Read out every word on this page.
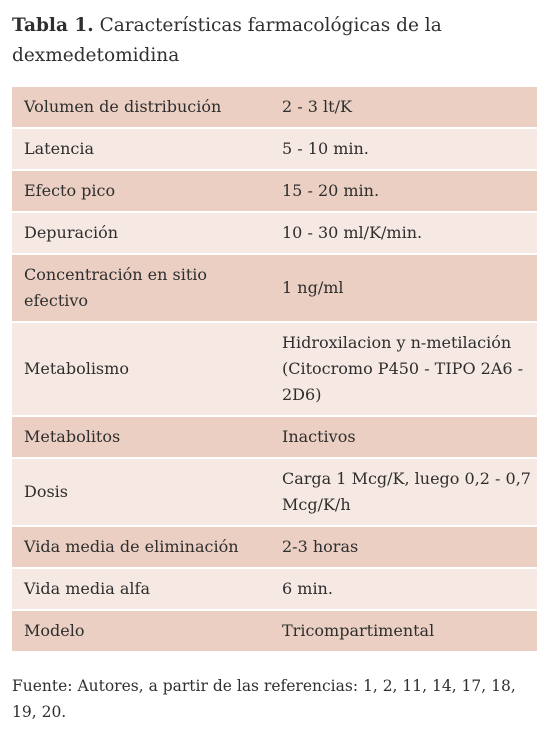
Tabla 1. Características farmacológicas de la dexmedetomidina
Volumen de distribución	2 - 3 lt/K
Latencia	5 - 10 min.
Efecto pico	15 - 20 min.
Depuración	10 - 30 ml/K/min.
Concentración en sitio efectivo	1 ng/ml
Metabolismo	Hidroxilacion y n-metilación (Citocromo P450 - TIPO 2A6 - 2D6)
Metabolitos	Inactivos
Dosis	Carga 1 Mcg/K, luego 0,2 - 0,7 Mcg/K/h
Vida media de eliminación	2-3 horas
Vida media alfa	6 min.
Modelo	Tricompartimental
Fuente: Autores, a partir de las referencias: 1, 2, 11, 14, 17, 18, 19, 20.
